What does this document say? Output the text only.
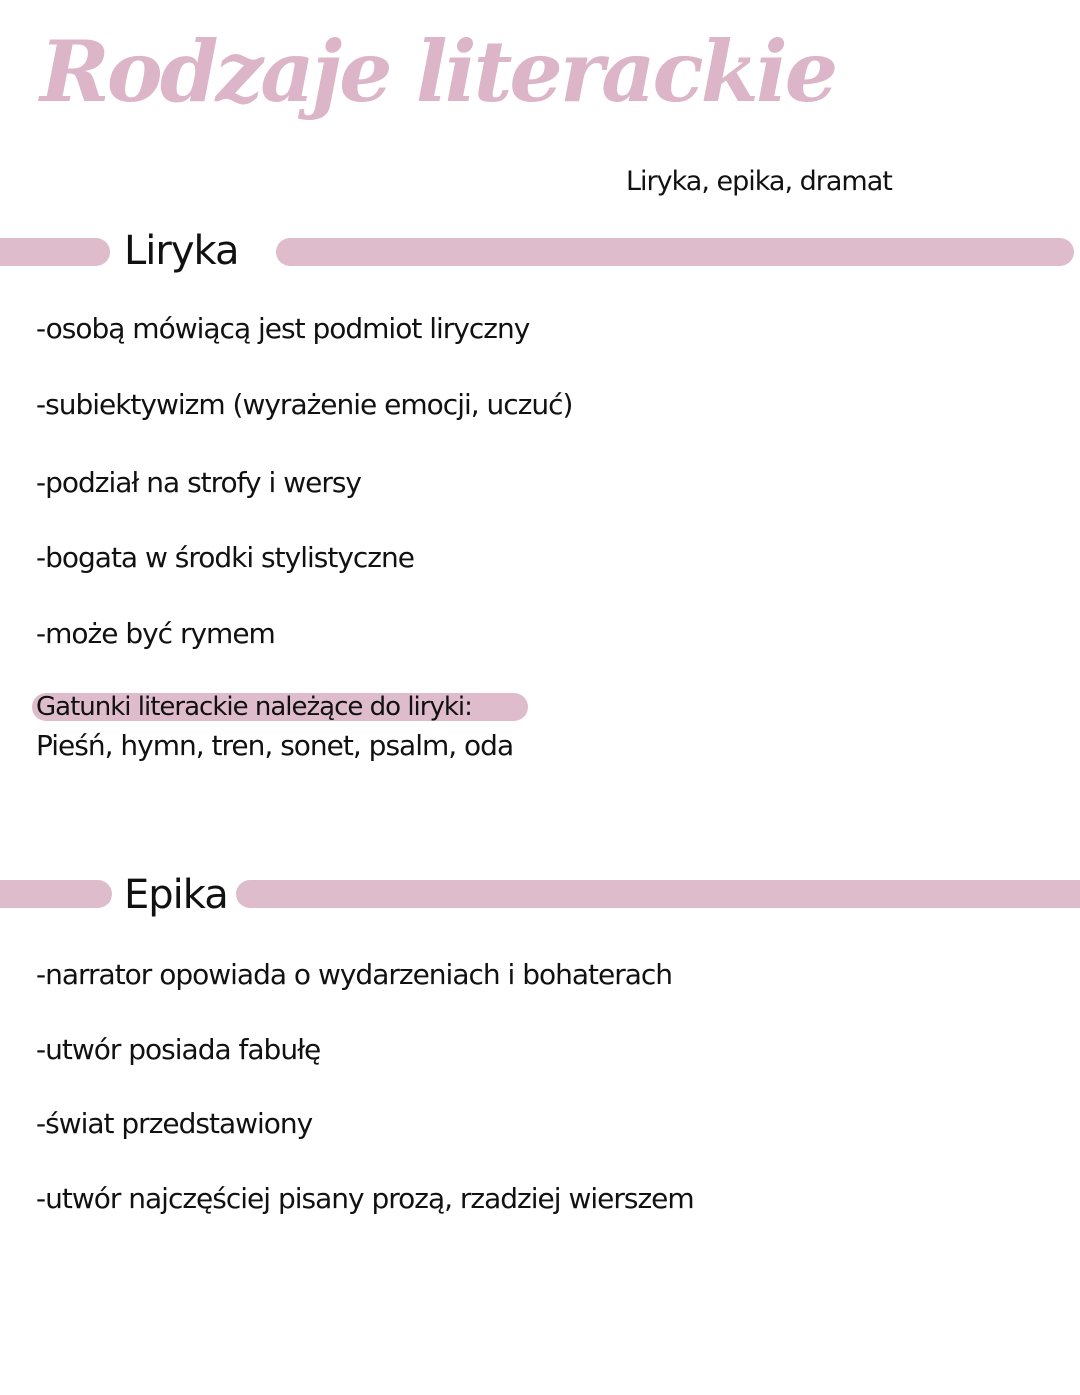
Rodzaje literackie
Liryka, epika, dramat
Liryka
-osobą mówiącą jest podmiot liryczny
-subiektywizm (wyrażenie emocji, uczuć)
-podział na strofy i wersy
-bogata w środki stylistyczne
-może być rymem
Gatunki literackie należące do liryki:
Pieśń, hymn, tren, sonet, psalm, oda
Epika
-narrator opowiada o wydarzeniach i bohaterach
-utwór posiada fabułę
-świat przedstawiony
-utwór najczęściej pisany prozą, rzadziej wierszem
